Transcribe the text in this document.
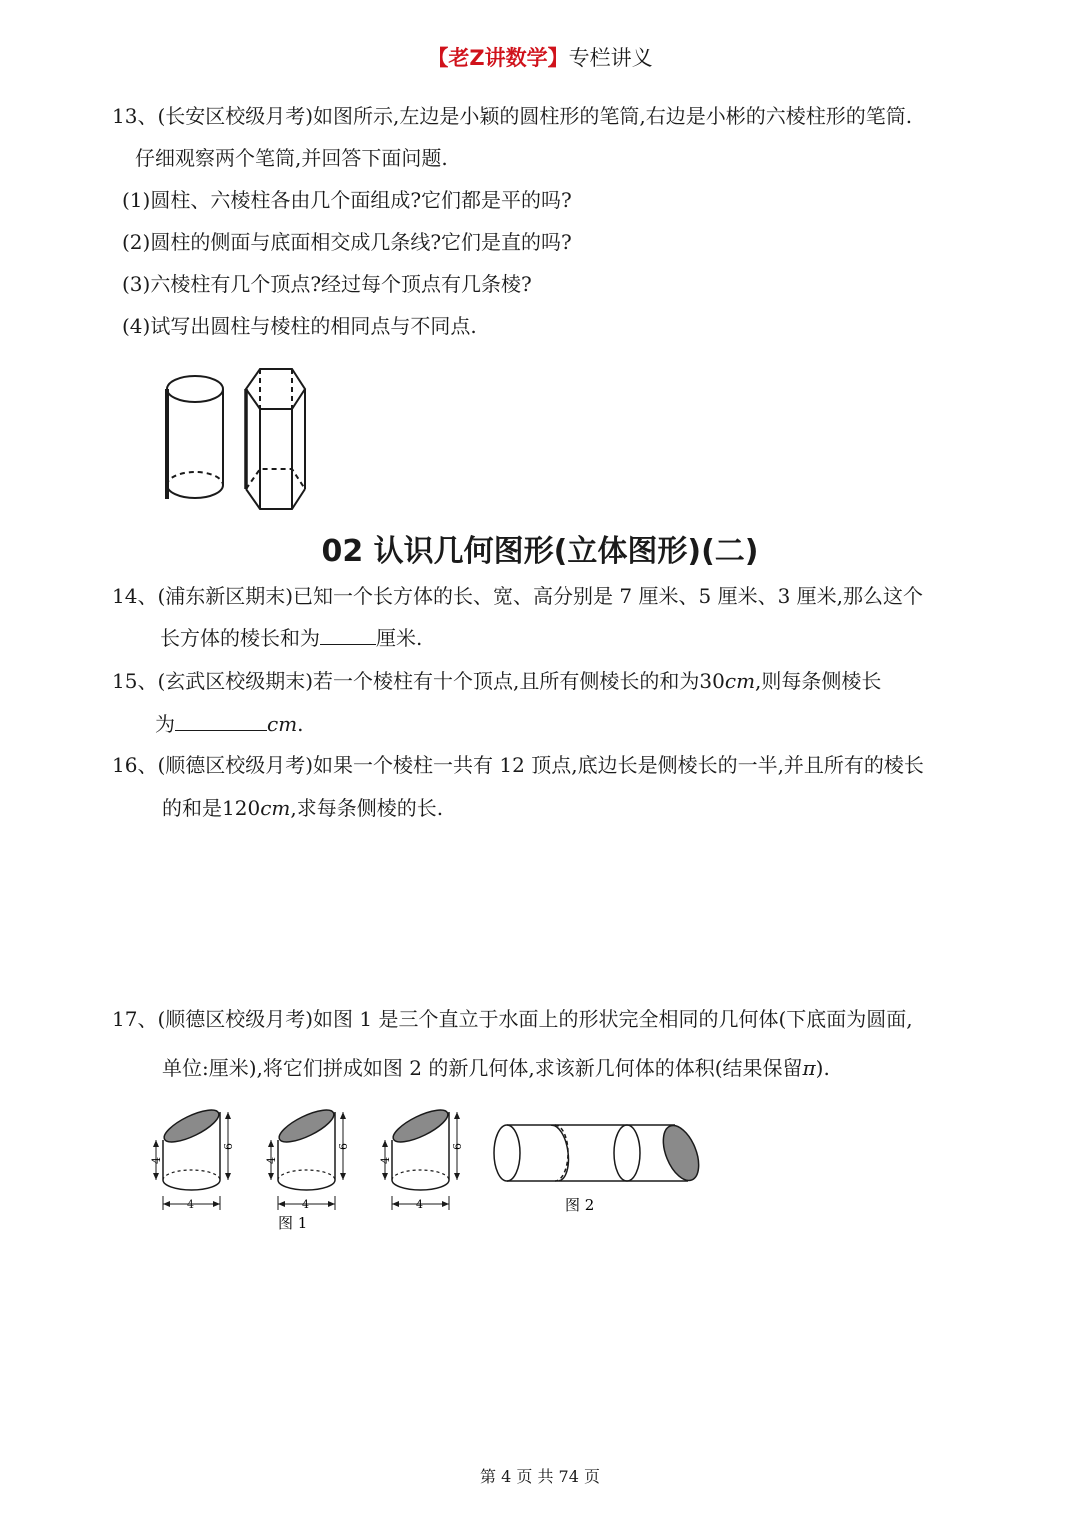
【老Z讲数学】专栏讲义
13、(长安区校级月考)如图所示,左边是小颖的圆柱形的笔筒,右边是小彬的六棱柱形的笔筒.
仔细观察两个笔筒,并回答下面问题.
(1)圆柱、六棱柱各由几个面组成?它们都是平的吗?
(2)圆柱的侧面与底面相交成几条线?它们是直的吗?
(3)六棱柱有几个顶点?经过每个顶点有几条棱?
(4)试写出圆柱与棱柱的相同点与不同点.
02 认识几何图形(立体图形)(二)
14、(浦东新区期末)已知一个长方体的长、宽、高分别是 7 厘米、5 厘米、3 厘米,那么这个
长方体的棱长和为	厘米.
15、(玄武区校级期末)若一个棱柱有十个顶点,且所有侧棱长的和为30cm,则每条侧棱长
为	cm.
16、(顺德区校级月考)如果一个棱柱一共有 12 顶点,底边长是侧棱长的一半,并且所有的棱长
的和是120cm,求每条侧棱的长.
17、(顺德区校级月考)如图 1 是三个直立于水面上的形状完全相同的几何体(下底面为圆面,
单位:厘米),将它们拼成如图 2 的新几何体,求该新几何体的体积(结果保留π).
4
6
4
4
6
4
4
6
4
图 1
图 2
第 4 页 共 74 页
